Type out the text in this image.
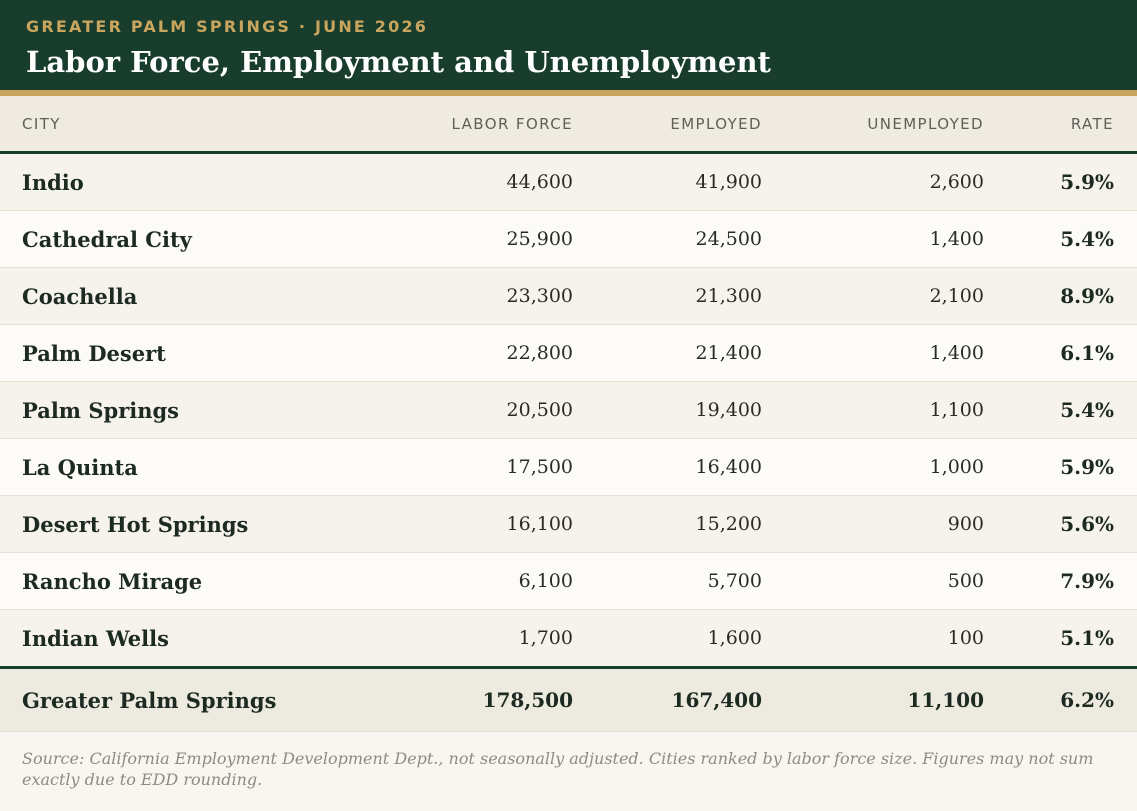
GREATER PALM SPRINGS · JUNE 2026
Labor Force, Employment and Unemployment
CITY	LABOR FORCE	EMPLOYED	UNEMPLOYED	RATE
Indio	44,600	41,900	2,600	5.9%
Cathedral City	25,900	24,500	1,400	5.4%
Coachella	23,300	21,300	2,100	8.9%
Palm Desert	22,800	21,400	1,400	6.1%
Palm Springs	20,500	19,400	1,100	5.4%
La Quinta	17,500	16,400	1,000	5.9%
Desert Hot Springs	16,100	15,200	900	5.6%
Rancho Mirage	6,100	5,700	500	7.9%
Indian Wells	1,700	1,600	100	5.1%
Greater Palm Springs	178,500	167,400	11,100	6.2%
Source: California Employment Development Dept., not seasonally adjusted. Cities ranked by labor force size. Figures may not sum exactly due to EDD rounding.
